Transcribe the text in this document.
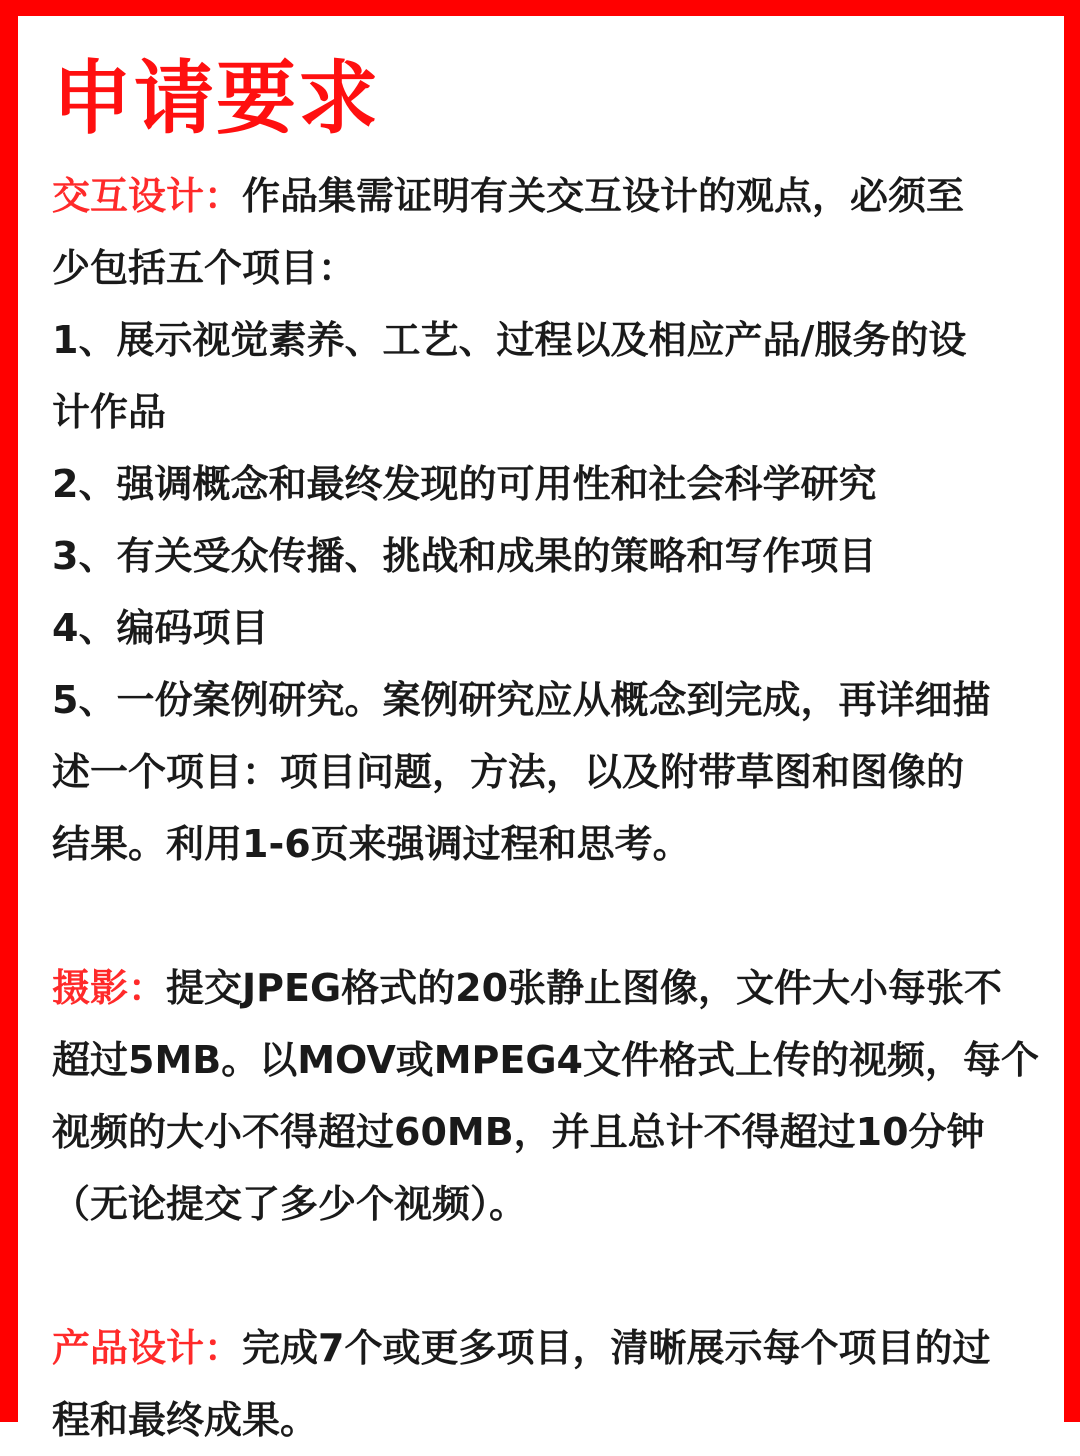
申请要求
交互设计：作品集需证明有关交互设计的观点，必须至
少包括五个项目：
1、展示视觉素养、工艺、过程以及相应产品/服务的设
计作品
2、强调概念和最终发现的可用性和社会科学研究
3、有关受众传播、挑战和成果的策略和写作项目
4、编码项目
5、一份案例研究。案例研究应从概念到完成，再详细描
述一个项目：项目问题，方法，以及附带草图和图像的
结果。利用1-6页来强调过程和思考。
摄影：提交JPEG格式的20张静止图像，文件大小每张不
超过5MB。以MOV或MPEG4文件格式上传的视频，每个
视频的大小不得超过60MB，并且总计不得超过10分钟
（无论提交了多少个视频）。
产品设计：完成7个或更多项目，清晰展示每个项目的过
程和最终成果。
